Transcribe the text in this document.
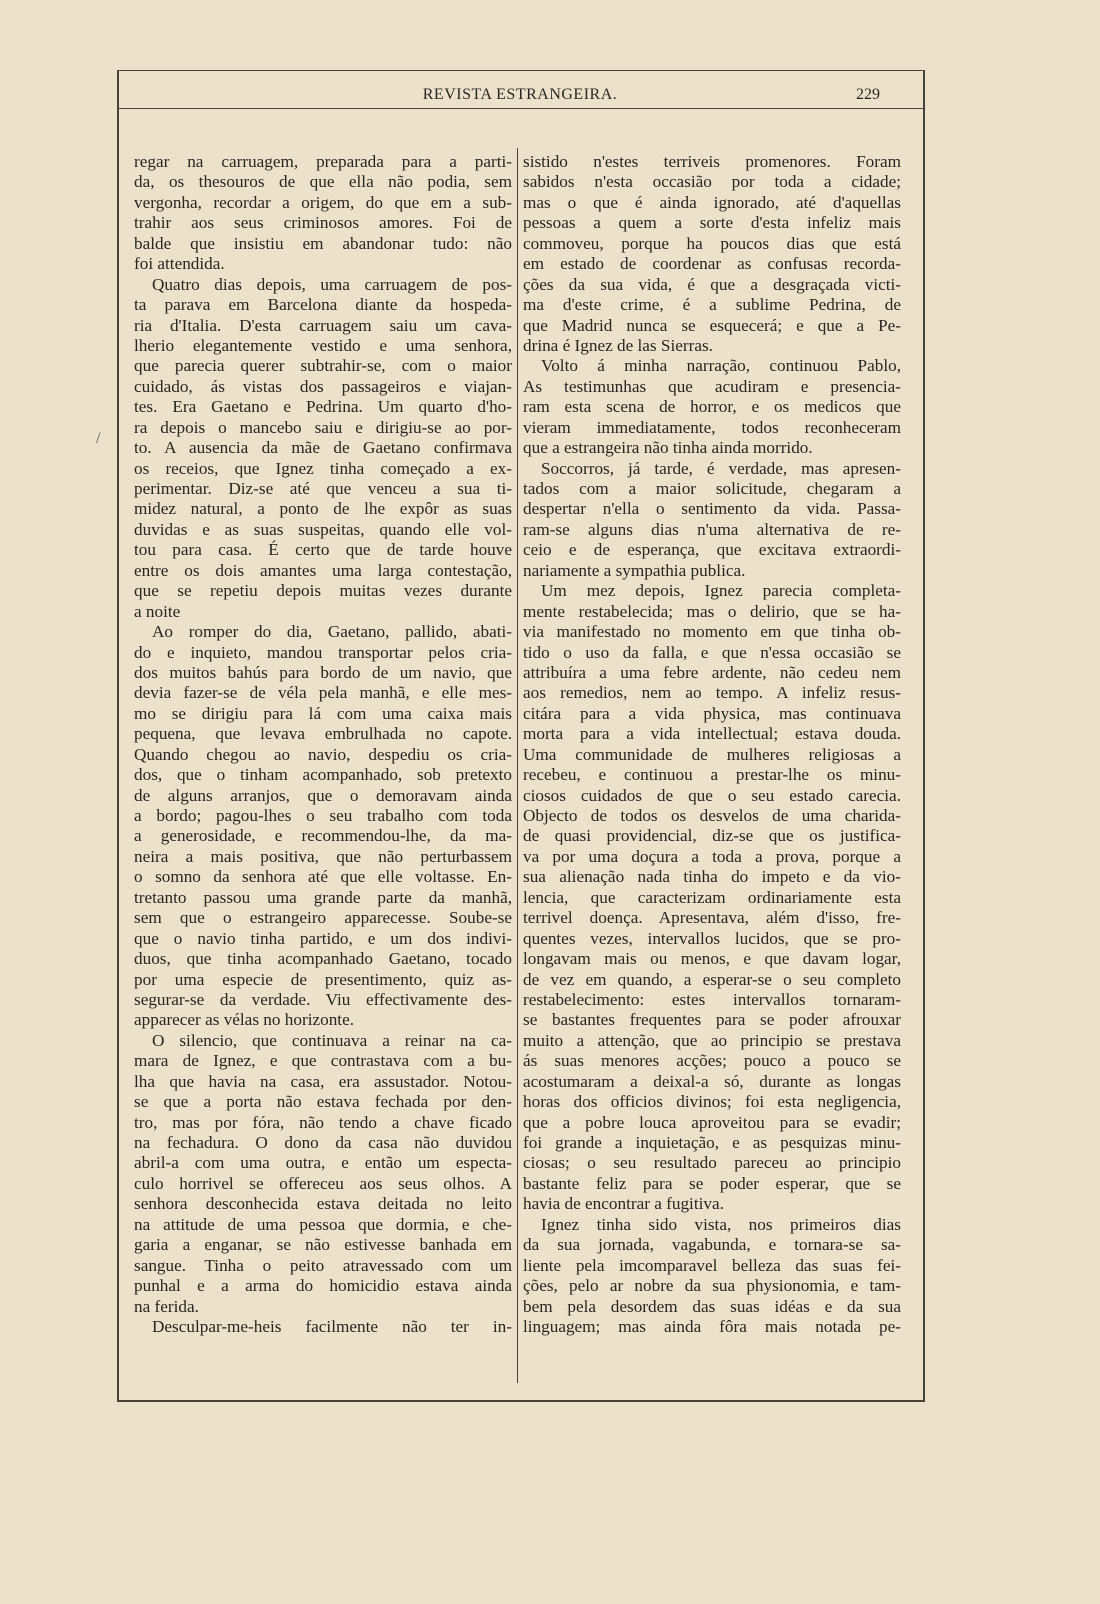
REVISTA ESTRANGEIRA.	229
/
regar na carruagem, preparada para a parti-
da, os thesouros de que ella não podia, sem
vergonha, recordar a origem, do que em a sub-
trahir aos seus criminosos amores. Foi de
balde que insistiu em abandonar tudo: não
foi attendida.
Quatro dias depois, uma carruagem de pos-
ta parava em Barcelona diante da hospeda-
ria d'Italia. D'esta carruagem saiu um cava-
lherio elegantemente vestido e uma senhora,
que parecia querer subtrahir-se, com o maior
cuidado, ás vistas dos passageiros e viajan-
tes. Era Gaetano e Pedrina. Um quarto d'ho-
ra depois o mancebo saiu e dirigiu-se ao por-
to. A ausencia da mãe de Gaetano confirmava
os receios, que Ignez tinha começado a ex-
perimentar. Diz-se até que venceu a sua ti-
midez natural, a ponto de lhe expôr as suas
duvidas e as suas suspeitas, quando elle vol-
tou para casa. É certo que de tarde houve
entre os dois amantes uma larga contestação,
que se repetiu depois muitas vezes durante
a noite
Ao romper do dia, Gaetano, pallido, abati-
do e inquieto, mandou transportar pelos cria-
dos muitos bahús para bordo de um navio, que
devia fazer-se de véla pela manhã, e elle mes-
mo se dirigiu para lá com uma caixa mais
pequena, que levava embrulhada no capote.
Quando chegou ao navio, despediu os cria-
dos, que o tinham acompanhado, sob pretexto
de alguns arranjos, que o demoravam ainda
a bordo; pagou-lhes o seu trabalho com toda
a generosidade, e recommendou-lhe, da ma-
neira a mais positiva, que não perturbassem
o somno da senhora até que elle voltasse. En-
tretanto passou uma grande parte da manhã,
sem que o estrangeiro apparecesse. Soube-se
que o navio tinha partido, e um dos indivi-
duos, que tinha acompanhado Gaetano, tocado
por uma especie de presentimento, quiz as-
segurar-se da verdade. Viu effectivamente des-
apparecer as vélas no horizonte.
O silencio, que continuava a reinar na ca-
mara de Ignez, e que contrastava com a bu-
lha que havia na casa, era assustador. Notou-
se que a porta não estava fechada por den-
tro, mas por fóra, não tendo a chave ficado
na fechadura. O dono da casa não duvidou
abril-a com uma outra, e então um especta-
culo horrivel se offereceu aos seus olhos. A
senhora desconhecida estava deitada no leito
na attitude de uma pessoa que dormia, e che-
garia a enganar, se não estivesse banhada em
sangue. Tinha o peito atravessado com um
punhal e a arma do homicidio estava ainda
na ferida.
Desculpar-me-heis facilmente não ter in-
sistido n'estes terriveis promenores. Foram
sabidos n'esta occasião por toda a cidade;
mas o que é ainda ignorado, até d'aquellas
pessoas a quem a sorte d'esta infeliz mais
commoveu, porque ha poucos dias que está
em estado de coordenar as confusas recorda-
ções da sua vida, é que a desgraçada victi-
ma d'este crime, é a sublime Pedrina, de
que Madrid nunca se esquecerá; e que a Pe-
drina é Ignez de las Sierras.
Volto á minha narração, continuou Pablo,
As testimunhas que acudiram e presencia-
ram esta scena de horror, e os medicos que
vieram immediatamente, todos reconheceram
que a estrangeira não tinha ainda morrido.
Soccorros, já tarde, é verdade, mas apresen-
tados com a maior solicitude, chegaram a
despertar n'ella o sentimento da vida. Passa-
ram-se alguns dias n'uma alternativa de re-
ceio e de esperança, que excitava extraordi-
nariamente a sympathia publica.
Um mez depois, Ignez parecia completa-
mente restabelecida; mas o delirio, que se ha-
via manifestado no momento em que tinha ob-
tido o uso da falla, e que n'essa occasião se
attribuíra a uma febre ardente, não cedeu nem
aos remedios, nem ao tempo. A infeliz resus-
citára para a vida physica, mas continuava
morta para a vida intellectual; estava douda.
Uma communidade de mulheres religiosas a
recebeu, e continuou a prestar-lhe os minu-
ciosos cuidados de que o seu estado carecia.
Objecto de todos os desvelos de uma charida-
de quasi providencial, diz-se que os justifica-
va por uma doçura a toda a prova, porque a
sua alienação nada tinha do impeto e da vio-
lencia, que caracterizam ordinariamente esta
terrivel doença. Apresentava, além d'isso, fre-
quentes vezes, intervallos lucidos, que se pro-
longavam mais ou menos, e que davam logar,
de vez em quando, a esperar-se o seu completo
restabelecimento: estes intervallos tornaram-
se bastantes frequentes para se poder afrouxar
muito a attenção, que ao principio se prestava
ás suas menores acções; pouco a pouco se
acostumaram a deixal-a só, durante as longas
horas dos officios divinos; foi esta negligencia,
que a pobre louca aproveitou para se evadir;
foi grande a inquietação, e as pesquizas minu-
ciosas; o seu resultado pareceu ao principio
bastante feliz para se poder esperar, que se
havia de encontrar a fugitiva.
Ignez tinha sido vista, nos primeiros dias
da sua jornada, vagabunda, e tornara-se sa-
liente pela imcomparavel belleza das suas fei-
ções, pelo ar nobre da sua physionomia, e tam-
bem pela desordem das suas idéas e da sua
linguagem; mas ainda fôra mais notada pe-
